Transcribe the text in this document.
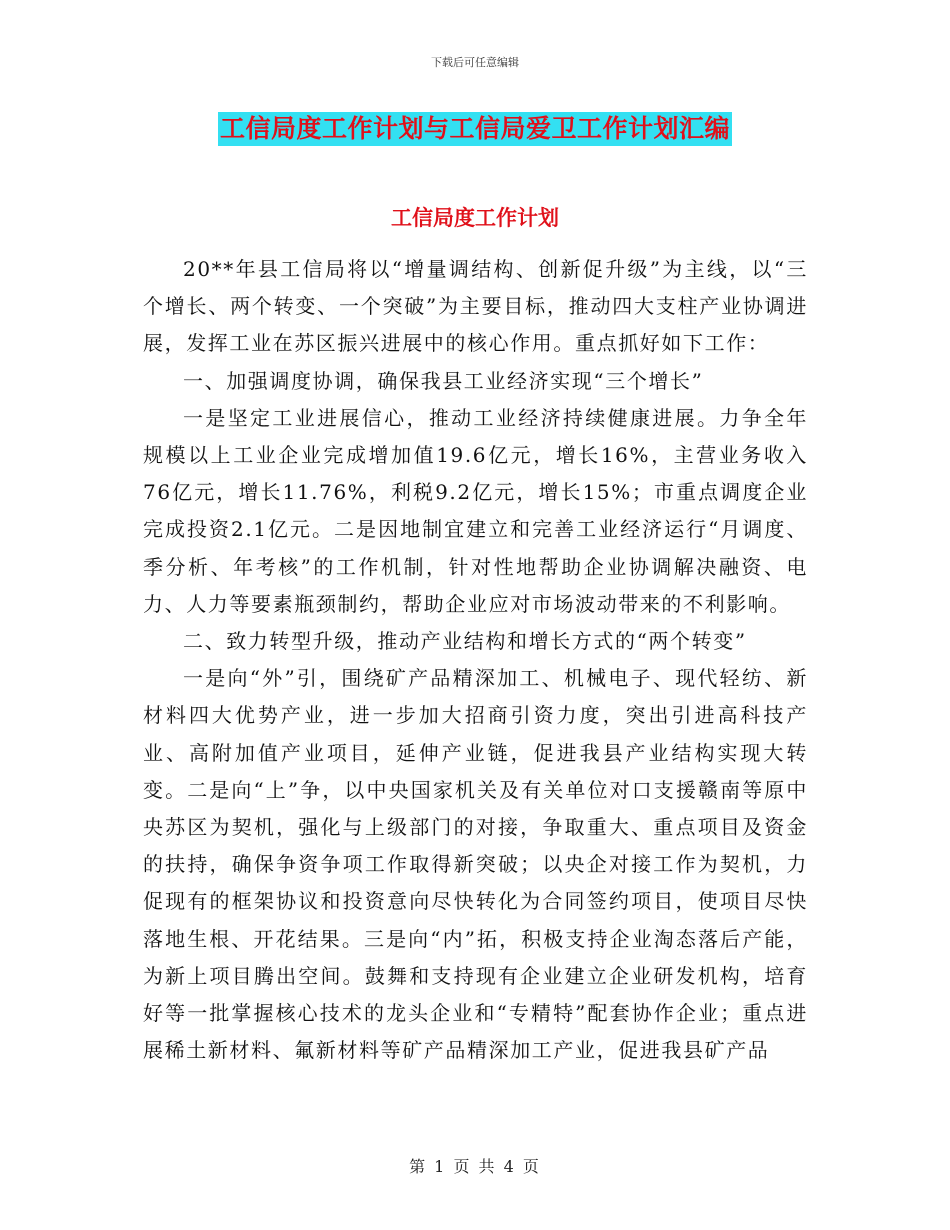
下载后可任意编辑
工信局度工作计划与工信局爱卫工作计划汇编
工信局度工作计划

20**年县工信局将以“增量调结构、创新促升级”为主线，以“三个增长、两个转变、一个突破”为主要目标，推动四大支柱产业协调进展，发挥工业在苏区振兴进展中的核心作用。重点抓好如下工作：

一、加强调度协调，确保我县工业经济实现“三个增长”

一是坚定工业进展信心，推动工业经济持续健康进展。力争全年规模以上工业企业完成增加值19.6亿元，增长16%，主营业务收入76亿元，增长11.76%，利税9.2亿元，增长15%；市重点调度企业完成投资2.1亿元。二是因地制宜建立和完善工业经济运行“月调度、季分析、年考核”的工作机制，针对性地帮助企业协调解决融资、电力、人力等要素瓶颈制约，帮助企业应对市场波动带来的不利影响。

二、致力转型升级，推动产业结构和增长方式的“两个转变”

一是向“外”引，围绕矿产品精深加工、机械电子、现代轻纺、新材料四大优势产业，进一步加大招商引资力度，突出引进高科技产业、高附加值产业项目，延伸产业链，促进我县产业结构实现大转变。二是向“上”争，以中央国家机关及有关单位对口支援赣南等原中央苏区为契机，强化与上级部门的对接，争取重大、重点项目及资金的扶持，确保争资争项工作取得新突破；以央企对接工作为契机，力促现有的框架协议和投资意向尽快转化为合同签约项目，使项目尽快落地生根、开花结果。三是向“内”拓，积极支持企业淘态落后产能，为新上项目腾出空间。鼓舞和支持现有企业建立企业研发机构，培育好等一批掌握核心技术的龙头企业和“专精特”配套协作企业；重点进展稀土新材料、氟新材料等矿产品精深加工产业，促进我县矿产品

第 1 页 共 4 页
